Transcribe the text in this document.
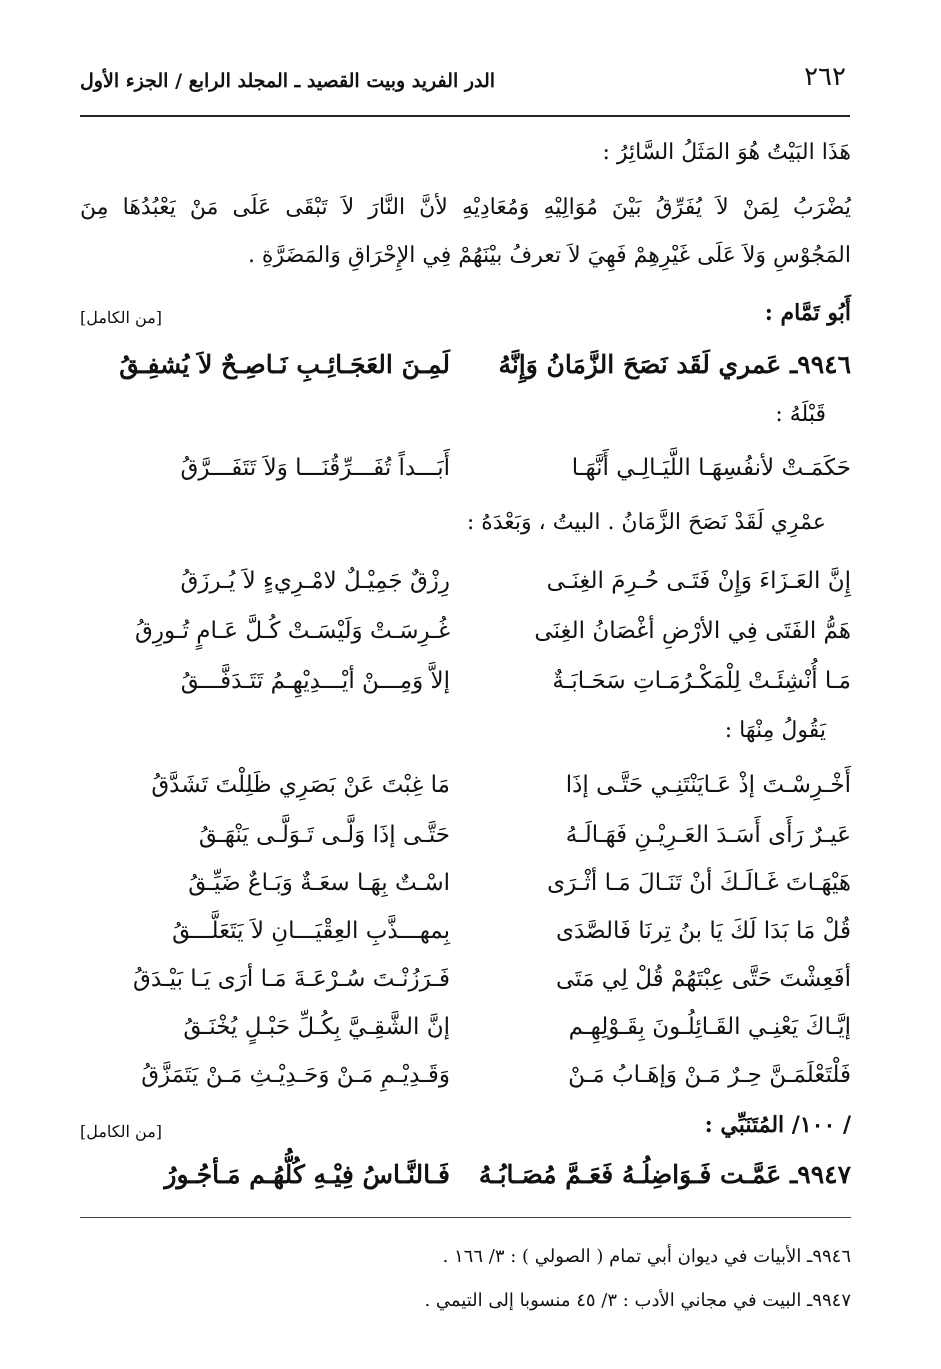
٢٦٢
الدر الفريد وبيت القصيد ـ المجلد الرابع / الجزء الأول
هَذَا البَيْتُ هُوَ المَثَلُ السَّائِرُ :
يُضْرَبُ لِمَنْ لاَ يُفَرِّقُ بَيْنَ مُوَالِيْهِ وَمُعَادِيْهِ لأنَّ النَّارَ لاَ تَبْقَى عَلَى مَنْ يَعْبُدُهَا مِنَ
المَجُوْسِ وَلاَ عَلَى غَيْرِهِمْ فَهِيَ لاَ تعرفُ بيْنَهُمْ فِي الإِحْرَاقِ وَالمَضَرَّةِ .
أَبُو تَمَّام :
[من الكامل]
٩٩٤٦ـ عَمري لَقَد نَصَحَ الزَّمَانُ وَإِنَّهُ
لَمِـنَ العَجَـائِـبِ نَـاصِـحٌ لاَ يُشفِـقُ
قَبْلَهُ :
حَكَمَـتْ لأنفُسِهَـا اللَّيَـالِـي أَنَّهَـا
أَبَـــداً تُفَـــرِّقُنَـــا وَلاَ تَتَفَـــرَّقُ
عمْرِي لَقَدْ نَصَحَ الزَّمَانُ . البيتُ ، وَبَعْدَهُ :
إِنَّ العَـزَاءَ وَإِنْ فَتَـى حُـرِمَ الغِنَـى
رِزْقٌ جَمِيْـلٌ لامْـرِيءٍ لاَ يُـرزَقُ
هَمُّ الفَتَى فِي الأرْضِ أغْصَانُ الغِنَى
غُـرِسَـتْ وَلَيْسَـتْ كُـلَّ عَـامٍ تُـورِقُ
مَـا أُنْشِئَـتْ لِلْمَكْـرُمَـاتِ سَحَـابَـةٌ
إلاَّ وَمِـــنْ أيْـــدِيْهِـمُ تَتَـدَفَّـــقُ
يَقُولُ مِنْهَا :
أَخْـرِسْـتَ إذْ عَـايَنْتَنِـي حَتَّـى إذَا
مَا غِبْتَ عَنْ بَصَرِي ظَلِلْتَ تَشَدَّقُ
عَيـرٌ رَأَى أَسَـدَ العَـرِيْـنِ فَهَـالَـهُ
حَتَّـى إذَا وَلَّـى تَـوَلَّـى يَنْهَـقُ
هَيْهَـاتَ غَـالَـكَ أنْ تَنَـالَ مَـا أثْـرَى
اسْـتٌ بِهَـا سعَـةٌ وَبَـاعٌ ضَيِّـقُ
قُلْ مَا بَدَا لَكَ يَا بنُ تِرنَا فَالصَّدَى
بِمهـــذَّبِ العِقْيَـــانِ لاَ يَتَعَلَّـــقُ
أفَعِشْتَ حَتَّى عِبْتَهُمْ قُلْ لِي مَتَى
فَـرَزُنْـتَ سُـرْعَـةَ مَـا أرَى يَـا بَيْـدَقُ
إيَّـاكَ يَعْنِـي القَـائِلُـونَ بِقَـوْلِهِـم
إنَّ الشَّقِـيَّ بِكُـلِّ حَبْـلٍ يُخْنَـقُ
فَلْتَعْلَمَـنَّ حِـرٌ مَـنْ وَإهَـابُ مَـنْ
وَقَـدِيْـمِ مَـنْ وَحَـدِيْـثِ مَـنْ يَتَمَزَّقُ
/ ١٠٠/ المُتَنَبِّي :
[من الكامل]
٩٩٤٧ـ عَمَّـت فَـوَاضِلُـهُ فَعَـمَّ مُصَـابُـهُ
فَـالنَّـاسُ فِيْـهِ كُلُّهُـم مَـأجُـورُ
٩٩٤٦ـ الأبيات في ديوان أبي تمام ( الصولي ) : ٣/ ١٦٦ .
٩٩٤٧ـ البيت في مجاني الأدب : ٣/ ٤٥ منسوبا إلى التيمي .
